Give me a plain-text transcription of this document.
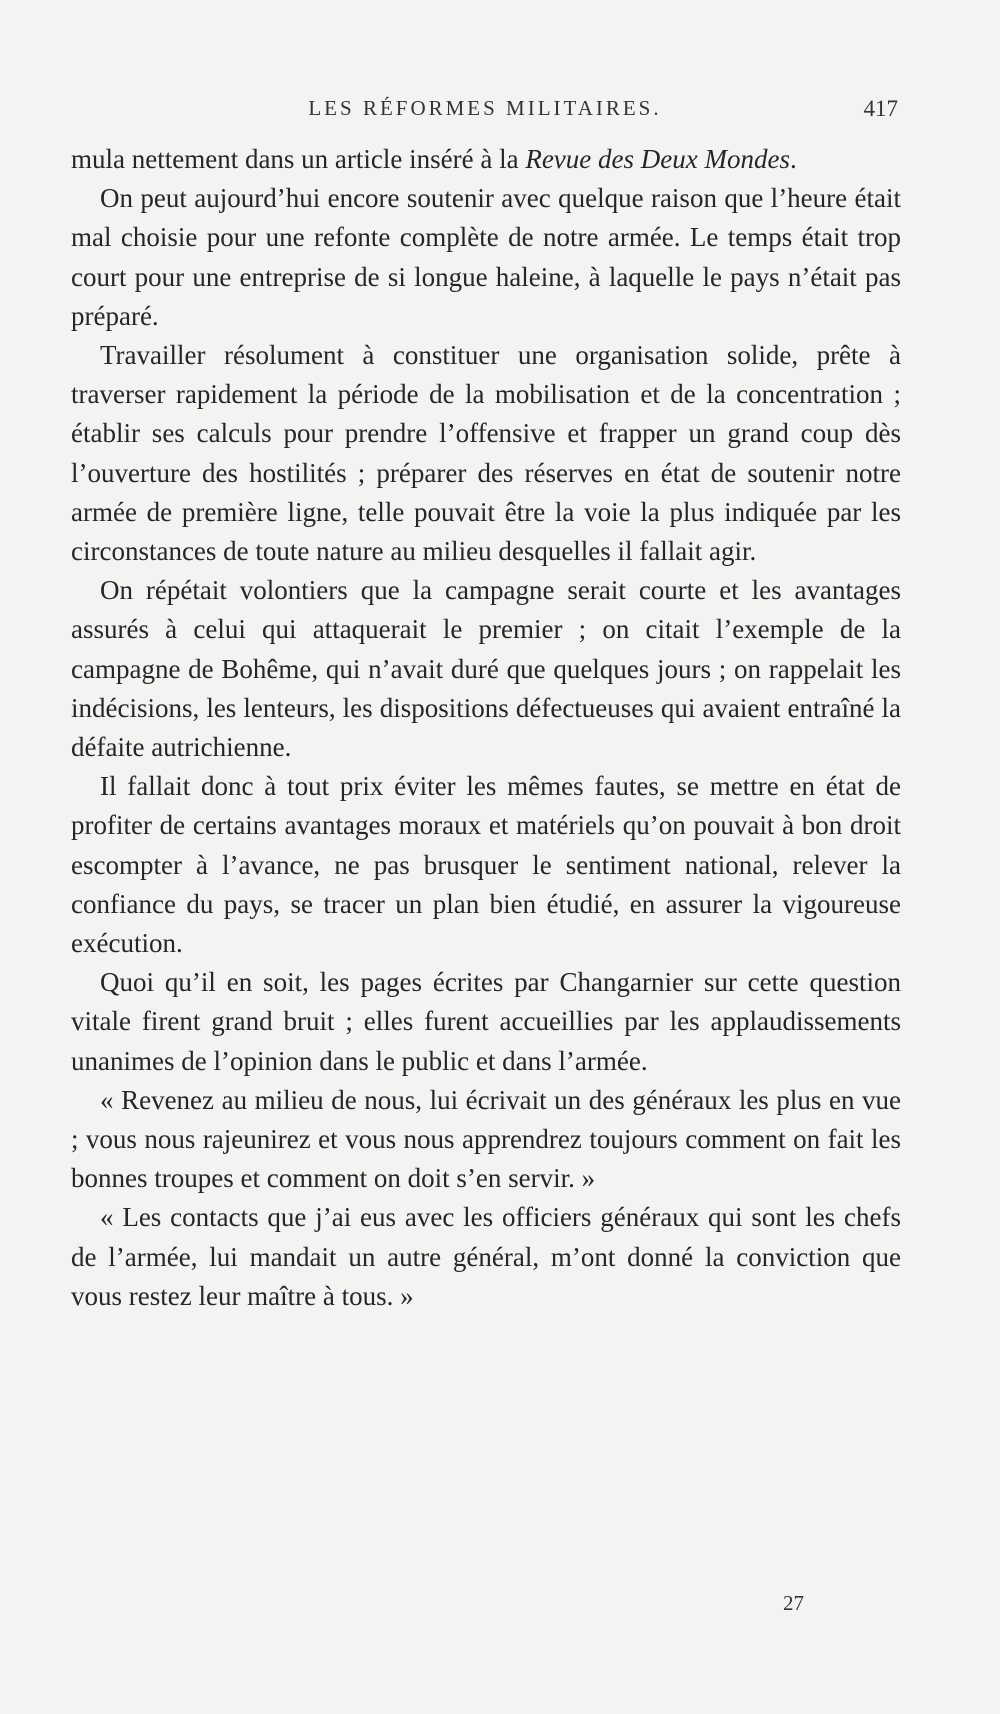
LES RÉFORMES MILITAIRES.	417

mula nettement dans un article inséré à la Revue des Deux Mondes.

On peut aujourd’hui encore soutenir avec quelque raison que l’heure était mal choisie pour une refonte complète de notre armée. Le temps était trop court pour une entreprise de si longue haleine, à laquelle le pays n’était pas préparé.

Travailler résolument à constituer une organisation solide, prête à traverser rapidement la période de la mobilisation et de la concentration ; établir ses calculs pour prendre l’offensive et frapper un grand coup dès l’ouverture des hostilités ; préparer des réserves en état de soutenir notre armée de première ligne, telle pouvait être la voie la plus indiquée par les circonstances de toute nature au milieu desquelles il fallait agir.

On répétait volontiers que la campagne serait courte et les avantages assurés à celui qui attaquerait le premier ; on citait l’exemple de la campagne de Bohême, qui n’avait duré que quelques jours ; on rappelait les indécisions, les lenteurs, les dispositions défectueuses qui avaient entraîné la défaite autrichienne.

Il fallait donc à tout prix éviter les mêmes fautes, se mettre en état de profiter de certains avantages moraux et matériels qu’on pouvait à bon droit escompter à l’avance, ne pas brusquer le sentiment national, relever la confiance du pays, se tracer un plan bien étudié, en assurer la vigoureuse exécution.

Quoi qu’il en soit, les pages écrites par Changarnier sur cette question vitale firent grand bruit ; elles furent accueillies par les applaudissements unanimes de l’opinion dans le public et dans l’armée.

« Revenez au milieu de nous, lui écrivait un des généraux les plus en vue ; vous nous rajeunirez et vous nous apprendrez toujours comment on fait les bonnes troupes et comment on doit s’en servir. »

« Les contacts que j’ai eus avec les officiers généraux qui sont les chefs de l’armée, lui mandait un autre général, m’ont donné la conviction que vous restez leur maître à tous. »

27
